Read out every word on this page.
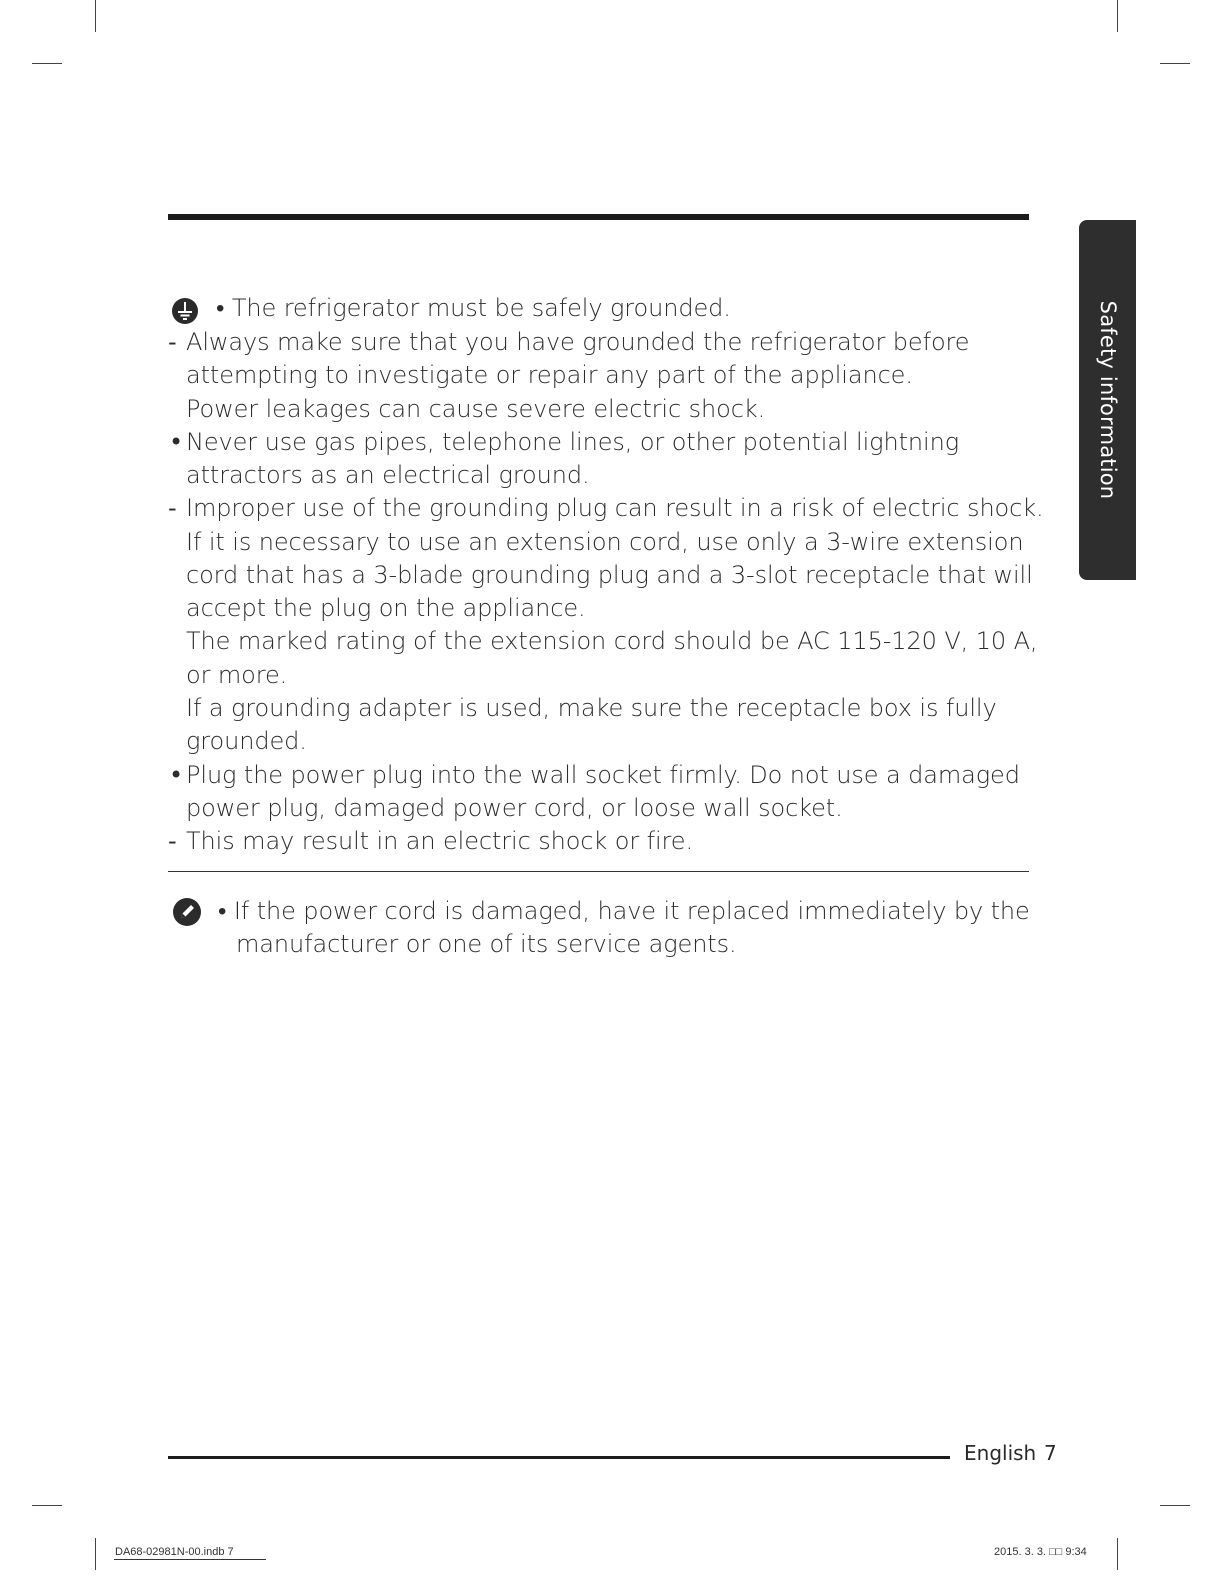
Safety information
• The refrigerator must be safely grounded.
- Always make sure that you have grounded the refrigerator before
attempting to investigate or repair any part of the appliance.
Power leakages can cause severe electric shock.
• Never use gas pipes, telephone lines, or other potential lightning
attractors as an electrical ground.
- Improper use of the grounding plug can result in a risk of electric shock.
If it is necessary to use an extension cord, use only a 3-wire extension
cord that has a 3-blade grounding plug and a 3-slot receptacle that will
accept the plug on the appliance.
The marked rating of the extension cord should be AC 115-120 V, 10 A,
or more.
If a grounding adapter is used, make sure the receptacle box is fully
grounded.
• Plug the power plug into the wall socket firmly. Do not use a damaged
power plug, damaged power cord, or loose wall socket.
- This may result in an electric shock or fire.
• If the power cord is damaged, have it replaced immediately by the
manufacturer or one of its service agents.
English 7
DA68-02981N-00.indb 7	2015. 3. 3. □□ 9:34
